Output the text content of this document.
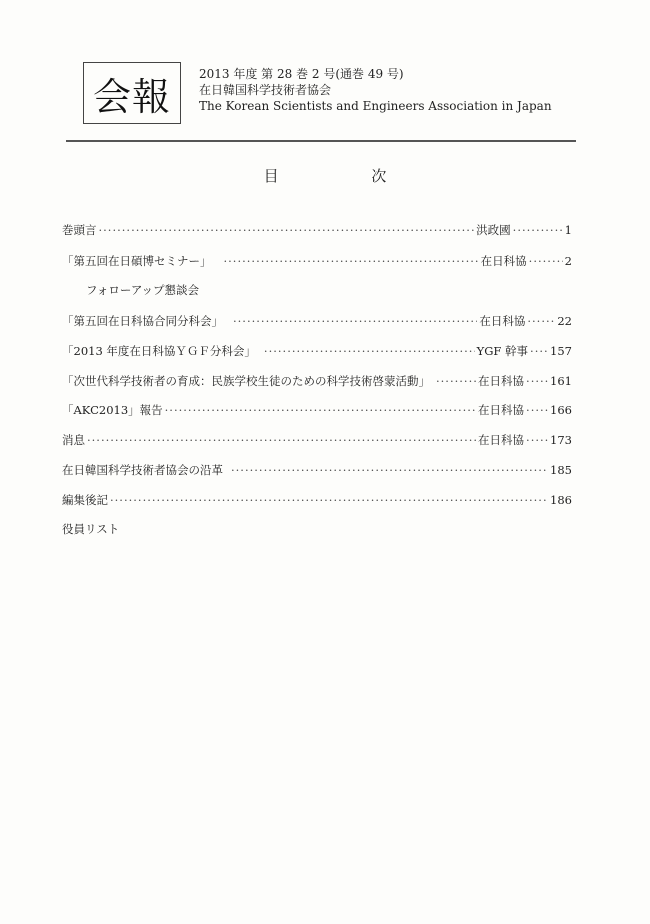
会報
2013 年度 第 28 巻 2 号(通巻 49 号)
在日韓国科学技術者協会
The Korean Scientists and Engineers Association in Japan
目 次
巻頭言 ·····	洪政國 ·····	1
「第五回在日碩博セミナー」 ·····	在日科協 ·····	2
フォローアップ懇談会
「第五回在日科協合同分科会」 ·····	在日科協 ·····	22
「2013 年度在日科協ＹＧＦ分科会」 ·····	YGF 幹事 ····· 157
「次世代科学技術者の育成：民族学校生徒のための科学技術啓蒙活動」 ·····	在日科協 ····· 161
「AKC2013」報告 ·····	在日科協 ····· 166
消息 ·····	在日科協 ····· 173
在日韓国科学技術者協会の沿革 ·····	185
編集後記 ·····	186
役員リスト
